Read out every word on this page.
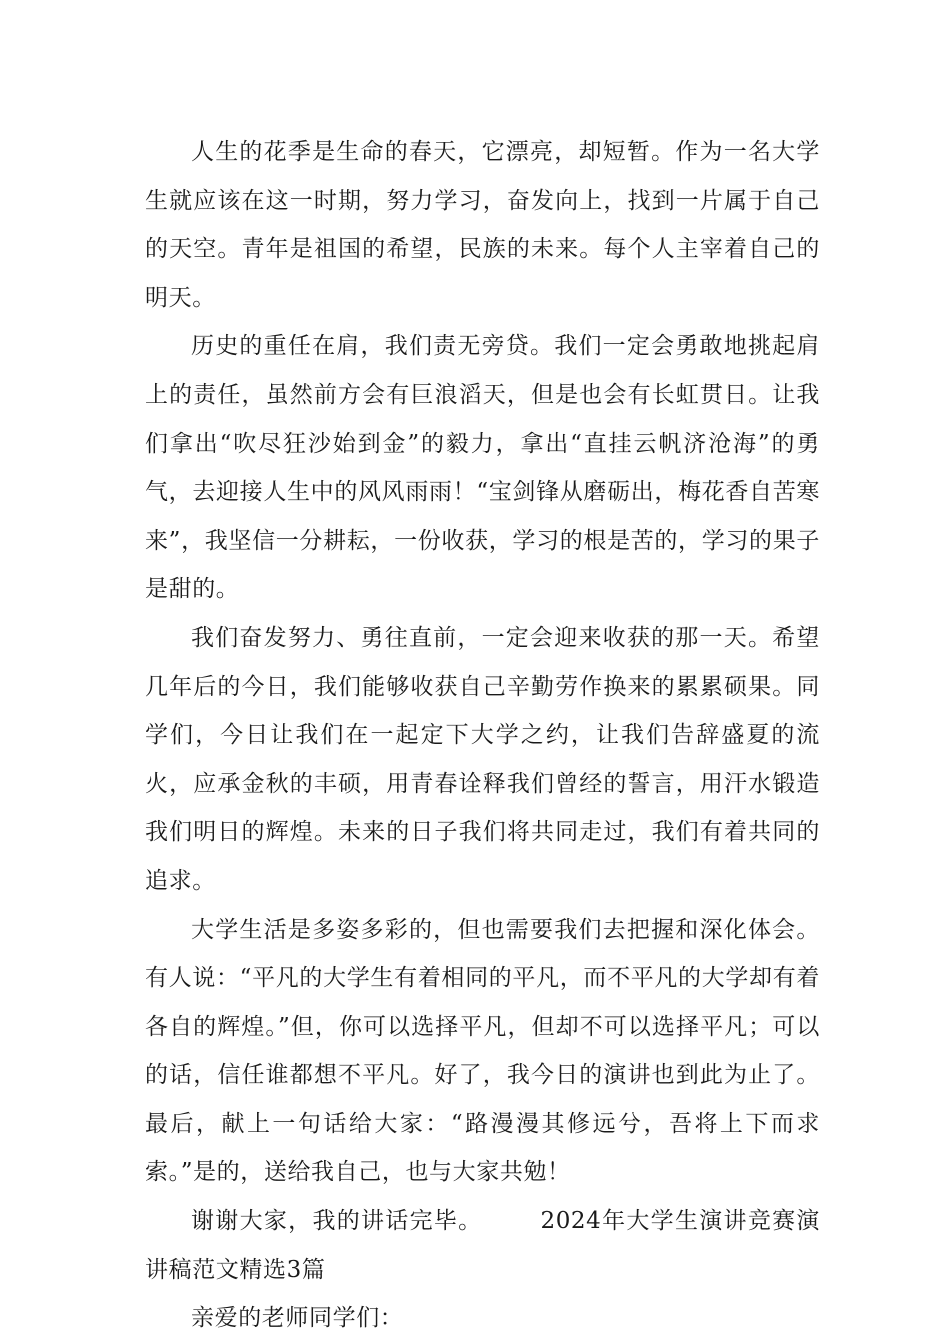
人生的花季是生命的春天，它漂亮，却短暂。作为一名大学生就应该在这一时期，努力学习，奋发向上，找到一片属于自己的天空。青年是祖国的希望，民族的未来。每个人主宰着自己的明天。

历史的重任在肩，我们责无旁贷。我们一定会勇敢地挑起肩上的责任，虽然前方会有巨浪滔天，但是也会有长虹贯日。让我们拿出“吹尽狂沙始到金”的毅力，拿出“直挂云帆济沧海”的勇气，去迎接人生中的风风雨雨！“宝剑锋从磨砺出，梅花香自苦寒来”，我坚信一分耕耘，一份收获，学习的根是苦的，学习的果子是甜的。

我们奋发努力、勇往直前，一定会迎来收获的那一天。希望几年后的今日，我们能够收获自己辛勤劳作换来的累累硕果。同学们，今日让我们在一起定下大学之约，让我们告辞盛夏的流火，应承金秋的丰硕，用青春诠释我们曾经的誓言，用汗水锻造我们明日的辉煌。未来的日子我们将共同走过，我们有着共同的追求。

大学生活是多姿多彩的，但也需要我们去把握和深化体会。有人说：“平凡的大学生有着相同的平凡，而不平凡的大学却有着各自的辉煌。”但，你可以选择平凡，但却不可以选择平凡；可以的话，信任谁都想不平凡。好了，我今日的演讲也到此为止了。最后，献上一句话给大家：“路漫漫其修远兮，吾将上下而求索。”是的，送给我自己，也与大家共勉！

谢谢大家，我的讲话完毕。	2024年大学生演讲竞赛演讲稿范文精选3篇

亲爱的老师同学们：
